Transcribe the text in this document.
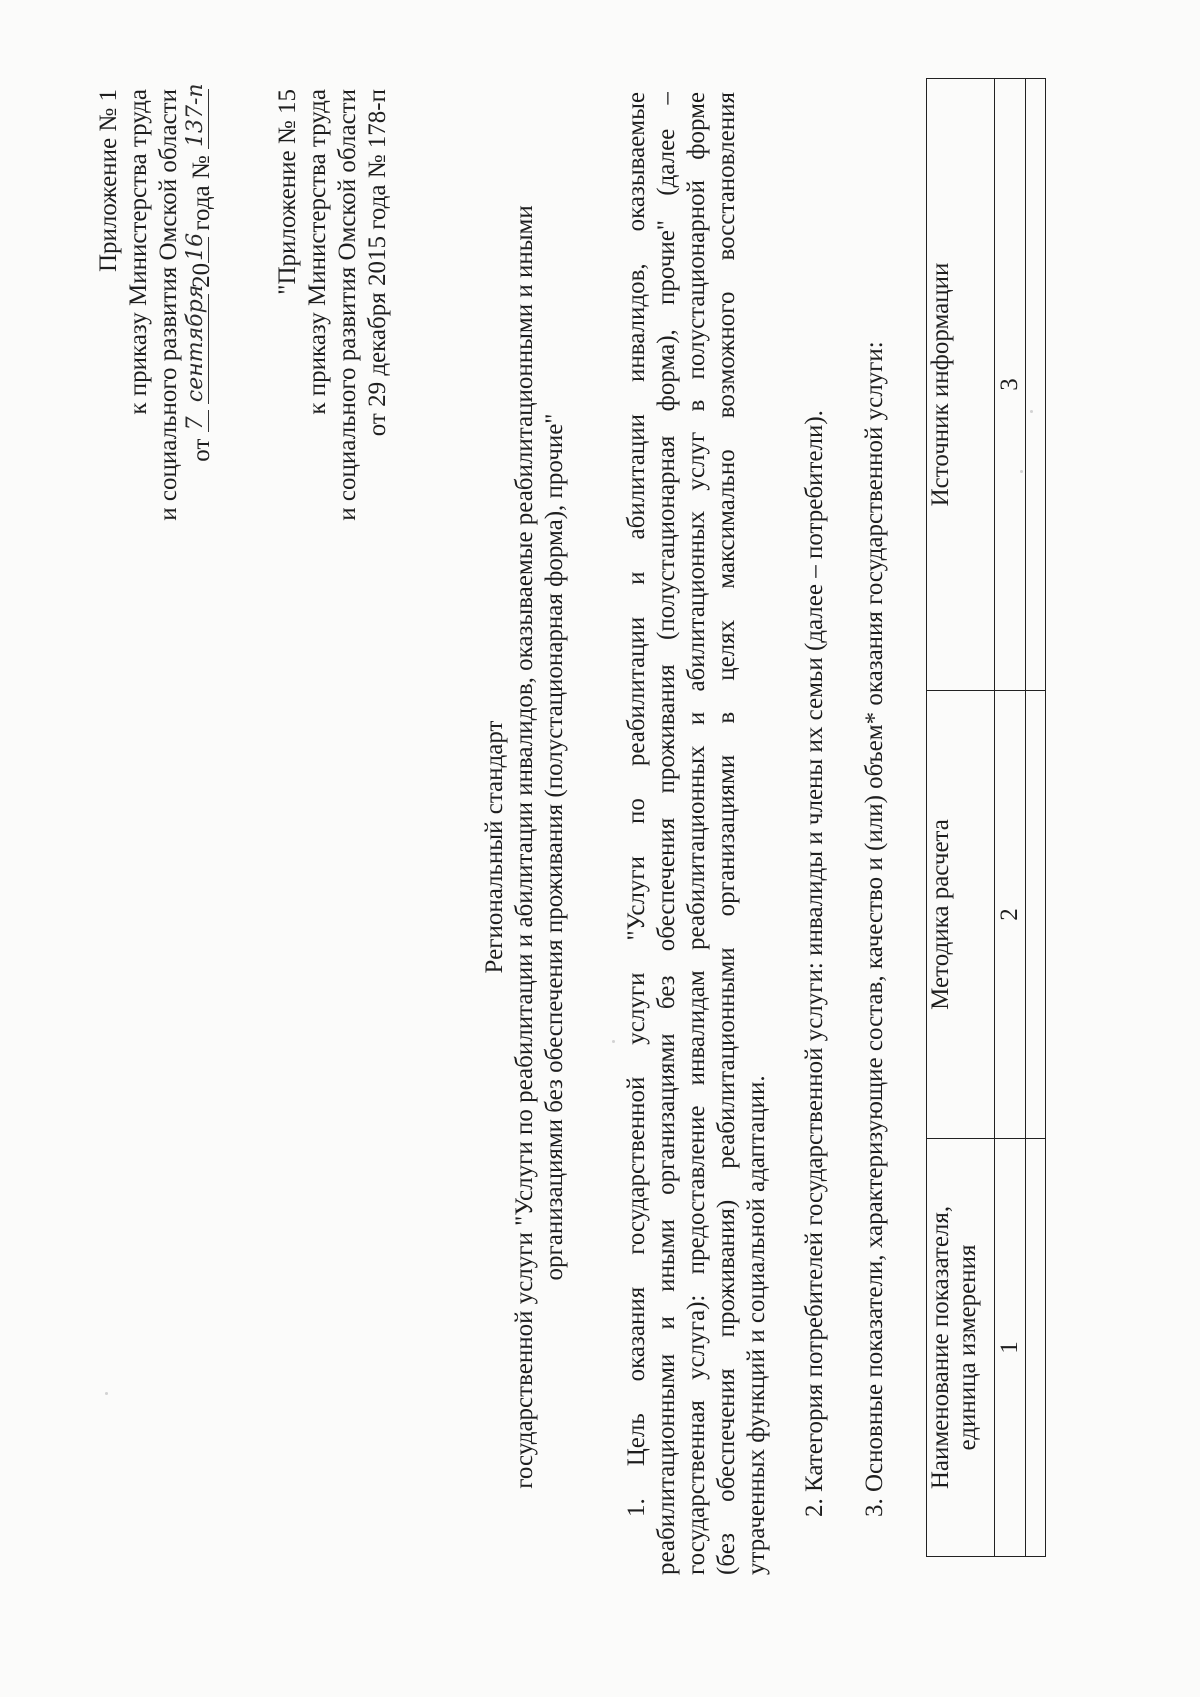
Приложение № 1 к приказу Министерства труда и социального развития Омской области от
7

сентября
20
16
года №
137-п	"Приложение № 15 к приказу Министерства труда и социального развития Омской области от 29 декабря 2015 года № 178-п
Региональный стандарт государственной услуги "Услуги по реабилитации и абилитации инвалидов, оказываемые реабилитационными и иными организациями без обеспечения проживания (полустационарная форма), прочие" 1. Цель оказания государственной услуги "Услуги по реабилитации и абилитации инвалидов, оказываемые реабилитационными и иными организациями без обеспечения проживания (полустационарная форма), прочие" (далее – государственная услуга): предоставление инвалидам реабилитационных и абилитационных услуг в полустационарной форме (без обеспечения проживания) реабилитационными организациями в целях максимально возможного восстановления утраченных функций и социальной адаптации. 2. Категория потребителей государственной услуги: инвалиды и члены их семьи (далее – потребители). 3. Основные показатели, характеризующие состав, качество и (или) объем* оказания государственной услуги: Наименование показателя, единица измерения	Методика расчета	Источник информации

1	2	3
